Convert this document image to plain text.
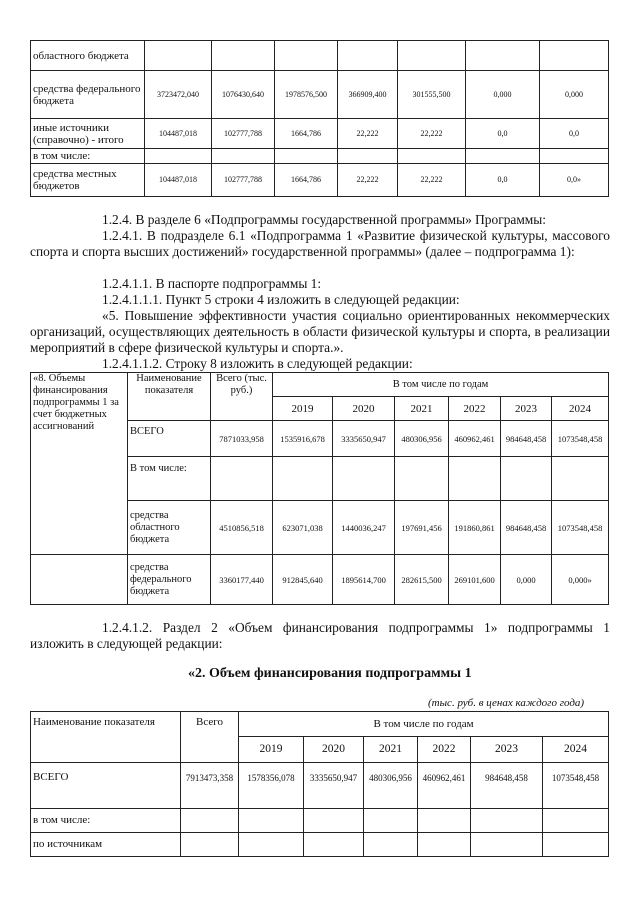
областного бюджета							
средства федерального бюджета	3723472,040	1076430,640	1978576,500	366909,400	301555,500	0,000	0,000
иные источники (справочно) - итого	104487,018	102777,788	1664,786	22,222	22,222	0,0	0,0
в том числе:							
средства местных бюджетов	104487,018	102777,788	1664,786	22,222	22,222	0,0	0,0»

1.2.4. В разделе 6 «Подпрограммы государственной программы» Программы:

1.2.4.1. В подразделе 6.1 «Подпрограмма 1 «Развитие физической культуры, массового спорта и спорта высших достижений» государственной программы» (далее – подпрограмма 1):

1.2.4.1.1. В паспорте подпрограммы 1:

1.2.4.1.1.1. Пункт 5 строки 4 изложить в следующей редакции:

«5. Повышение эффективности участия социально ориентированных некоммерческих организаций, осуществляющих деятельность в области физической культуры и спорта, в реализации мероприятий в сфере физической культуры и спорта.».

1.2.4.1.1.2. Строку 8 изложить в следующей редакции:

«8. Объемы финансирования подпрограммы 1 за счет бюджетных ассигнований	Наименование показателя	Всего (тыс. руб.)	В том числе по годам					
			2019	2020	2021	2022	2023	2024
	ВСЕГО	7871033,958	1535916,678	3335650,947	480306,956	460962,461	984648,458	1073548,458
	В том числе:							
	средства областного бюджета	4510856,518	623071,038	1440036,247	197691,456	191860,861	984648,458	1073548,458
	средства федерального бюджета	3360177,440	912845,640	1895614,700	282615,500	269101,600	0,000	0,000»

1.2.4.1.2. Раздел 2 «Объем финансирования подпрограммы 1» подпрограммы 1 изложить в следующей редакции:

«2. Объем финансирования подпрограммы 1
(тыс. руб. в ценах каждого года)
Наименование показателя	Всего	В том числе по годам					
		2019	2020	2021	2022	2023	2024
ВСЕГО	7913473,358	1578356,078	3335650,947	480306,956	460962,461	984648,458	1073548,458
в том числе:							
по источникам							
